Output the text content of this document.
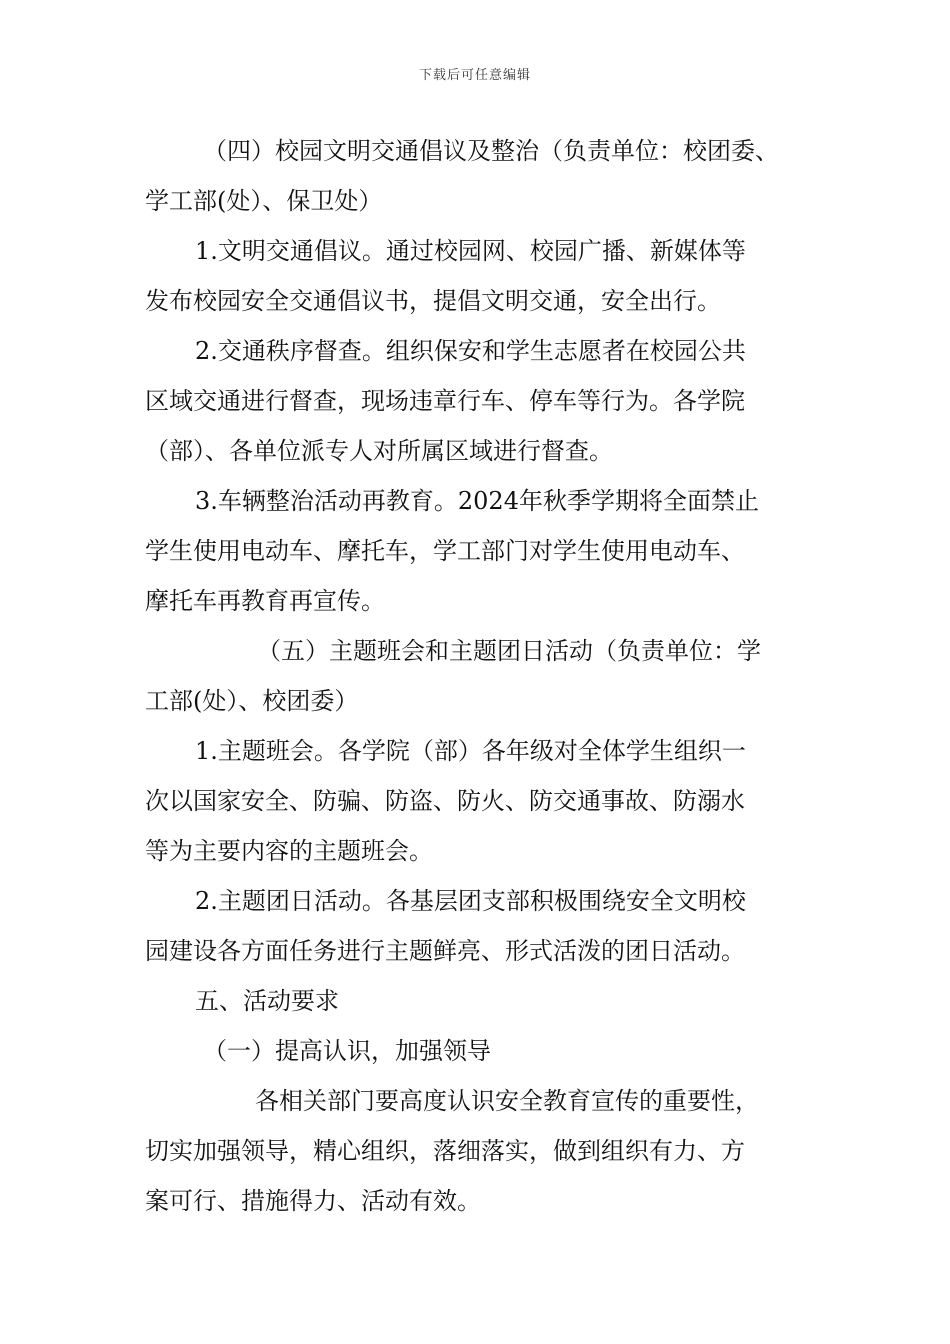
下载后可任意编辑

（四）校园文明交通倡议及整治（负责单位：校团委、

学工部(处）、保卫处）

1.文明交通倡议。通过校园网、校园广播、新媒体等

发布校园安全交通倡议书，提倡文明交通，安全出行。

2.交通秩序督查。组织保安和学生志愿者在校园公共

区域交通进行督查，现场违章行车、停车等行为。各学院

（部）、各单位派专人对所属区域进行督查。

3.车辆整治活动再教育。2024年秋季学期将全面禁止

学生使用电动车、摩托车，学工部门对学生使用电动车、

摩托车再教育再宣传。

（五）主题班会和主题团日活动（负责单位：学

工部(处）、校团委）

1.主题班会。各学院（部）各年级对全体学生组织一

次以国家安全、防骗、防盗、防火、防交通事故、防溺水

等为主要内容的主题班会。

2.主题团日活动。各基层团支部积极围绕安全文明校

园建设各方面任务进行主题鲜亮、形式活泼的团日活动。

五、活动要求

（一）提高认识，加强领导

各相关部门要高度认识安全教育宣传的重要性，

切实加强领导，精心组织，落细落实，做到组织有力、方

案可行、措施得力、活动有效。
